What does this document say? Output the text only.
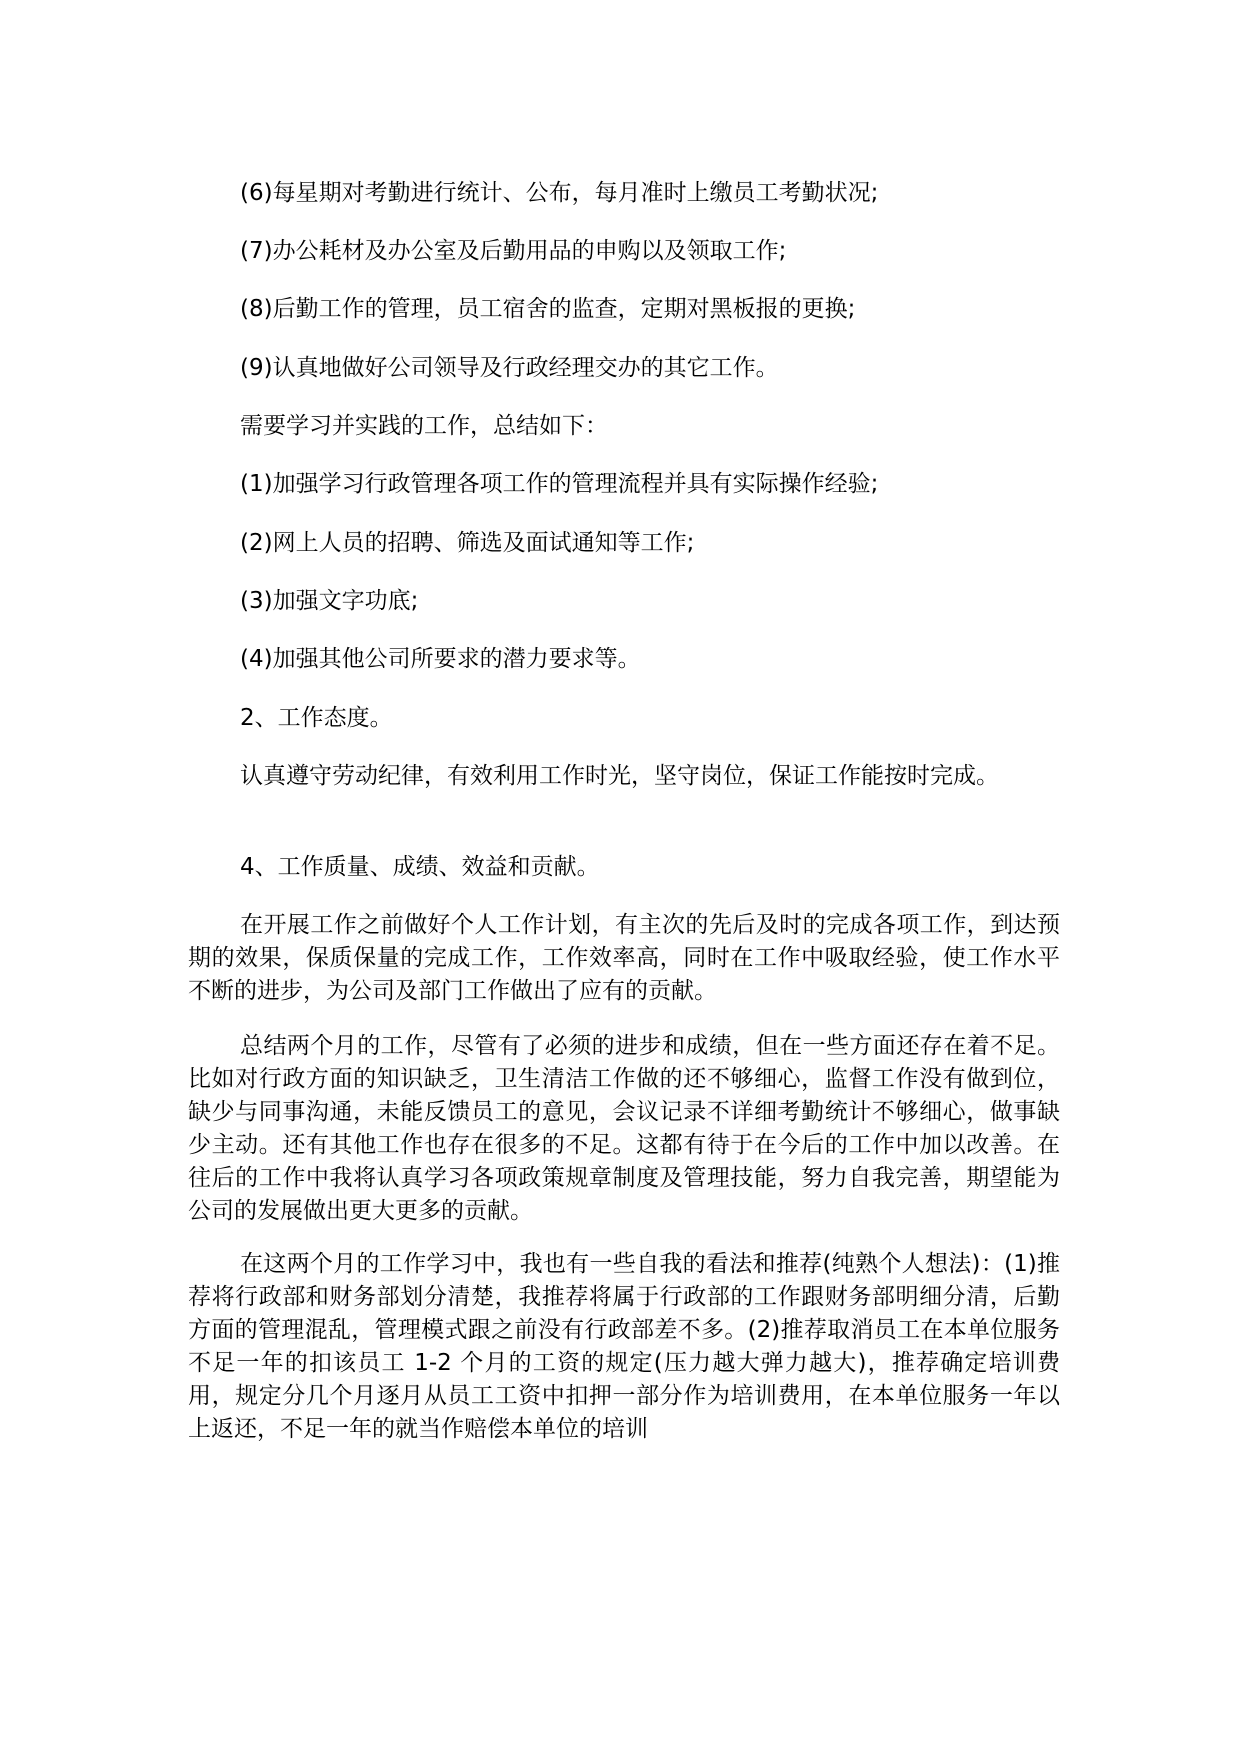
(6)每星期对考勤进行统计、公布，每月准时上缴员工考勤状况;

(7)办公耗材及办公室及后勤用品的申购以及领取工作;

(8)后勤工作的管理，员工宿舍的监查，定期对黑板报的更换;

(9)认真地做好公司领导及行政经理交办的其它工作。

需要学习并实践的工作，总结如下：

(1)加强学习行政管理各项工作的管理流程并具有实际操作经验;

(2)网上人员的招聘、筛选及面试通知等工作;

(3)加强文字功底;

(4)加强其他公司所要求的潜力要求等。

2、工作态度。

认真遵守劳动纪律，有效利用工作时光，坚守岗位，保证工作能按时完成。

4、工作质量、成绩、效益和贡献。

在开展工作之前做好个人工作计划，有主次的先后及时的完成各项工作，到达预期的效果，保质保量的完成工作，工作效率高，同时在工作中吸取经验，使工作水平不断的进步，为公司及部门工作做出了应有的贡献。

总结两个月的工作，尽管有了必须的进步和成绩，但在一些方面还存在着不足。比如对行政方面的知识缺乏，卫生清洁工作做的还不够细心，监督工作没有做到位，缺少与同事沟通，未能反馈员工的意见，会议记录不详细考勤统计不够细心，做事缺少主动。还有其他工作也存在很多的不足。这都有待于在今后的工作中加以改善。在往后的工作中我将认真学习各项政策规章制度及管理技能，努力自我完善，期望能为公司的发展做出更大更多的贡献。

在这两个月的工作学习中，我也有一些自我的看法和推荐(纯熟个人想法)：(1)推荐将行政部和财务部划分清楚，我推荐将属于行政部的工作跟财务部明细分清，后勤方面的管理混乱，管理模式跟之前没有行政部差不多。(2)推荐取消员工在本单位服务不足一年的扣该员工 1-2 个月的工资的规定(压力越大弹力越大)，推荐确定培训费用，规定分几个月逐月从员工工资中扣押一部分作为培训费用，在本单位服务一年以上返还，不足一年的就当作赔偿本单位的培训
